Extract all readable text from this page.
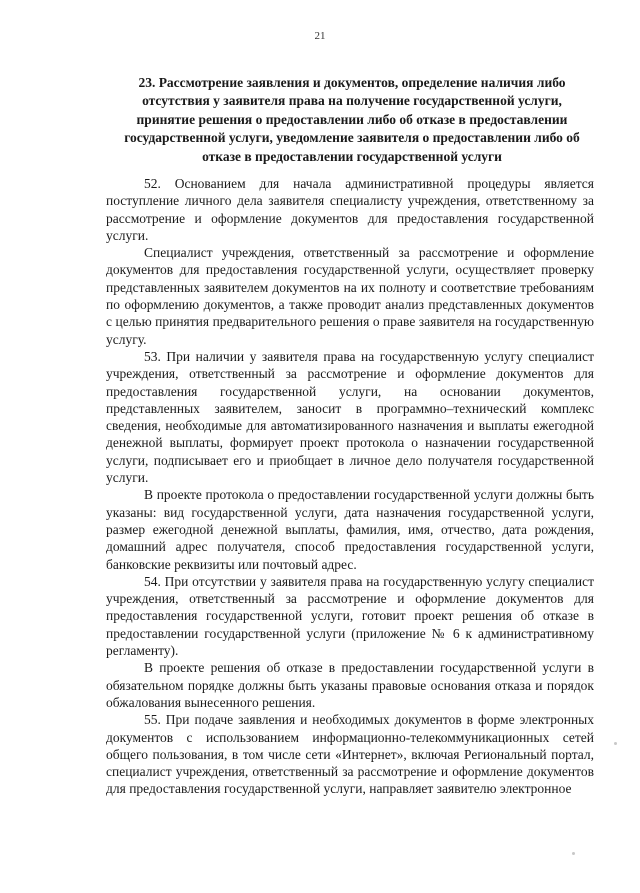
21
23. Рассмотрение заявления и документов, определение наличия либо отсутствия у заявителя права на получение государственной услуги, принятие решения о предоставлении либо об отказе в предоставлении государственной услуги, уведомление заявителя о предоставлении либо об отказе в предоставлении государственной услуги

52. Основанием для начала административной процедуры является поступление личного дела заявителя специалисту учреждения, ответственному за рассмотрение и оформление документов для предоставления государственной услуги.

Специалист учреждения, ответственный за рассмотрение и оформление документов для предоставления государственной услуги, осуществляет проверку представленных заявителем документов на их полноту и соответствие требованиям по оформлению документов, а также проводит анализ представленных документов с целью принятия предварительного решения о праве заявителя на государственную услугу.

53. При наличии у заявителя права на государственную услугу специалист учреждения, ответственный за рассмотрение и оформление документов для предоставления государственной услуги, на основании документов, представленных заявителем, заносит в программно–технический комплекс сведения, необходимые для автоматизированного назначения и выплаты ежегодной денежной выплаты, формирует проект протокола о назначении государственной услуги, подписывает его и приобщает в личное дело получателя государственной услуги.

В проекте протокола о предоставлении государственной услуги должны быть указаны: вид государственной услуги, дата назначения государственной услуги, размер ежегодной денежной выплаты, фамилия, имя, отчество, дата рождения, домашний адрес получателя, способ предоставления государственной услуги, банковские реквизиты или почтовый адрес.

54. При отсутствии у заявителя права на государственную услугу специалист учреждения, ответственный за рассмотрение и оформление документов для предоставления государственной услуги, готовит проект решения об отказе в предоставлении государственной услуги (приложение № 6 к административному регламенту).

В проекте решения об отказе в предоставлении государственной услуги в обязательном порядке должны быть указаны правовые основания отказа и порядок обжалования вынесенного решения.

55. При подаче заявления и необходимых документов в форме электронных документов с использованием информационно-телекоммуникационных сетей общего пользования, в том числе сети «Интернет», включая Региональный портал, специалист учреждения, ответственный за рассмотрение и оформление документов для предоставления государственной услуги, направляет заявителю электронное
